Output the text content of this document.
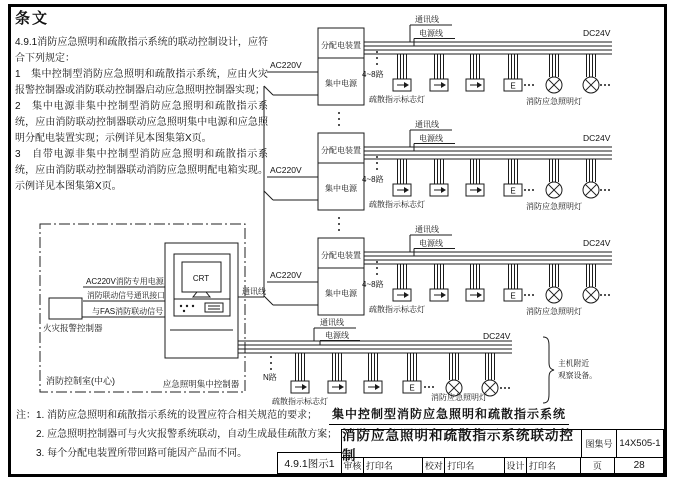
条文

4.9.1消防应急照明和疏散指示系统的联动控制设计，应符合下列规定：

1　集中控制型消防应急照明和疏散指示系统，应由火灾报警控制器或消防联动控制器启动应急照明控制器实现；

2　集中电源非集中控制型消防应急照明和疏散指示系统，应由消防联动控制器联动应急照明集中电源和应急照明分配电装置实现；示例详见本图集第X页。

3　自带电源非集中控制型消防应急照明和疏散指示系统，应由消防联动控制器联动消防应急照明配电箱实现。示例详见本图集第X页。

消防控制室(中心)
火灾报警控制器
AC220V消防专用电源
消防联动信号通讯接口
与FAS消防联动信号
CRT
应急照明集中控制器
通讯线
分配电装置
集中电源
AC220V
通讯线
电源线	DC24V
4~8路
E
疏散指示标志灯	消防应急照明灯
分配电装置
集中电源
AC220V
通讯线
电源线	DC24V
4~8路
E
疏散指示标志灯	消防应急照明灯
分配电装置
集中电源
AC220V
通讯线
电源线	DC24V
4~8路
E
疏散指示标志灯	消防应急照明灯
通讯线
电源线	DC24V
N路
E
疏散指示标志灯	消防应急照明灯
主机附近
观察设备。
集中控制型消防应急照明和疏散指示系统
注： 1. 消防应急照明和疏散指示系统的设置应符合相关规范的要求；
2. 应急照明控制器可与火灾报警系统联动，自动生成最佳疏散方案；
3. 每个分配电装置所带回路可能因产品而不同。
4.9.1图示1
消防应急照明和疏散指示系统联动控制
图集号 14X505-1
审核 打印名	校对 打印名	设计 打印名	页	28
